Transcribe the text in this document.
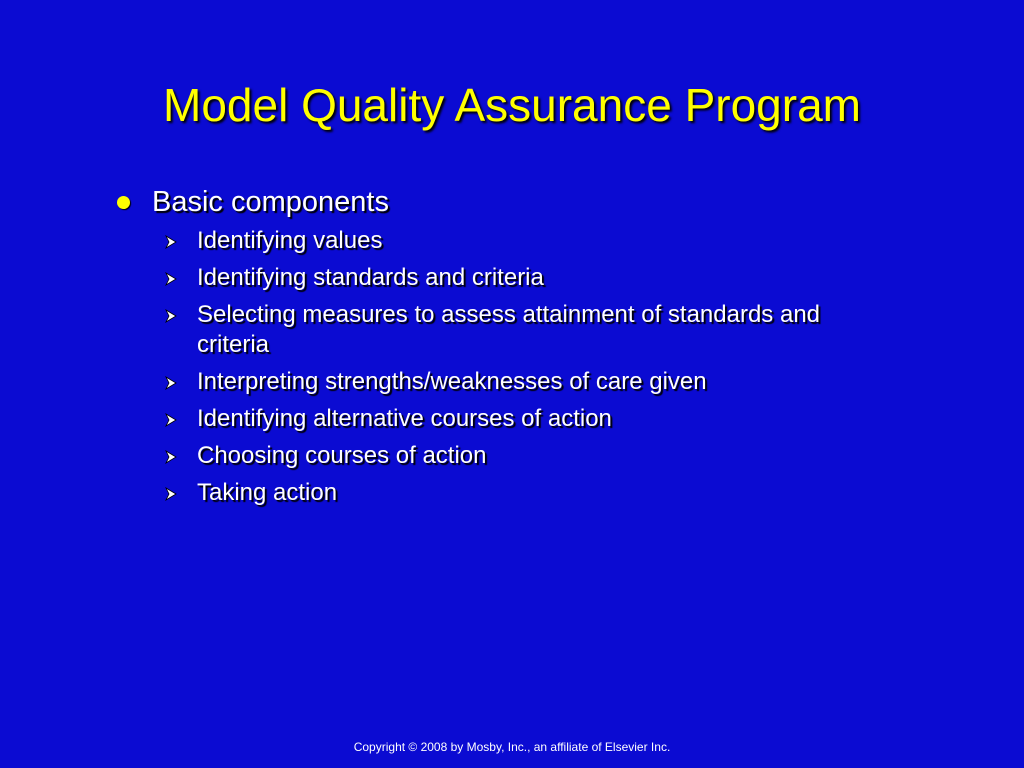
Model Quality Assurance Program
Basic components
Identifying values
Identifying standards and criteria
Selecting measures to assess attainment of standards and criteria
Interpreting strengths/weaknesses of care given
Identifying alternative courses of action
Choosing courses of action
Taking action
Copyright © 2008 by Mosby, Inc., an affiliate of Elsevier Inc.
